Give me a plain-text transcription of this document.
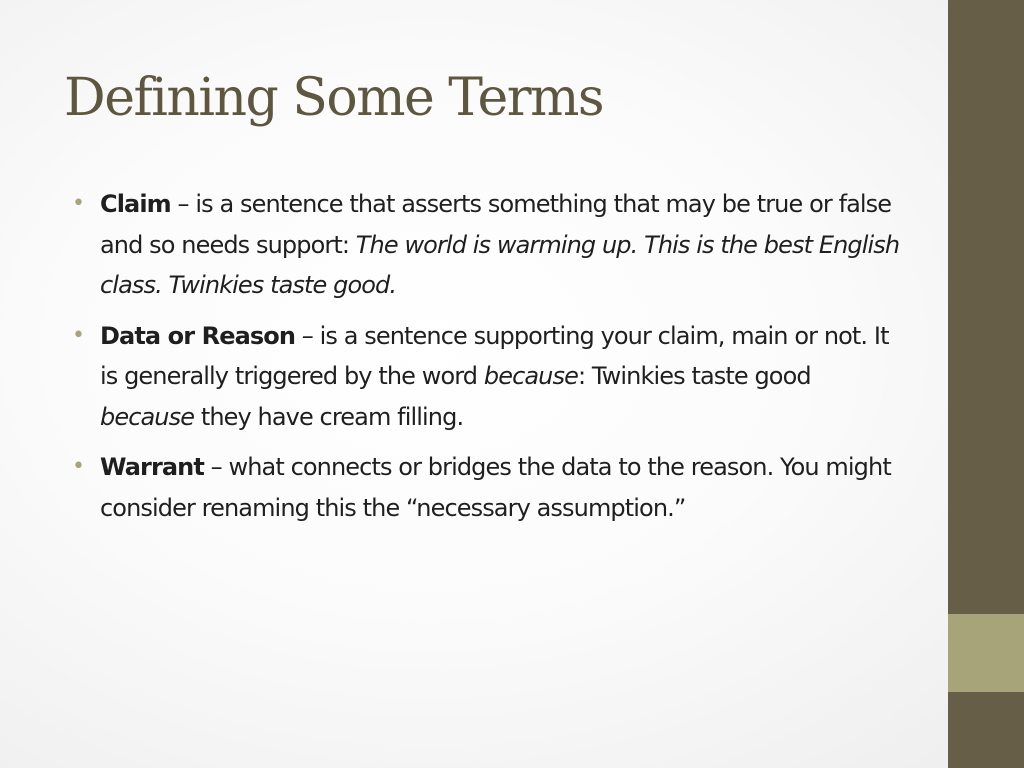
Defining Some Terms
• Claim – is a sentence that asserts something that may be true or false and so needs support: The world is warming up. This is the best English class. Twinkies taste good.
• Data or Reason – is a sentence supporting your claim, main or not. It is generally triggered by the word because: Twinkies taste good because they have cream filling.
• Warrant – what connects or bridges the data to the reason. You might consider renaming this the “necessary assumption.”
